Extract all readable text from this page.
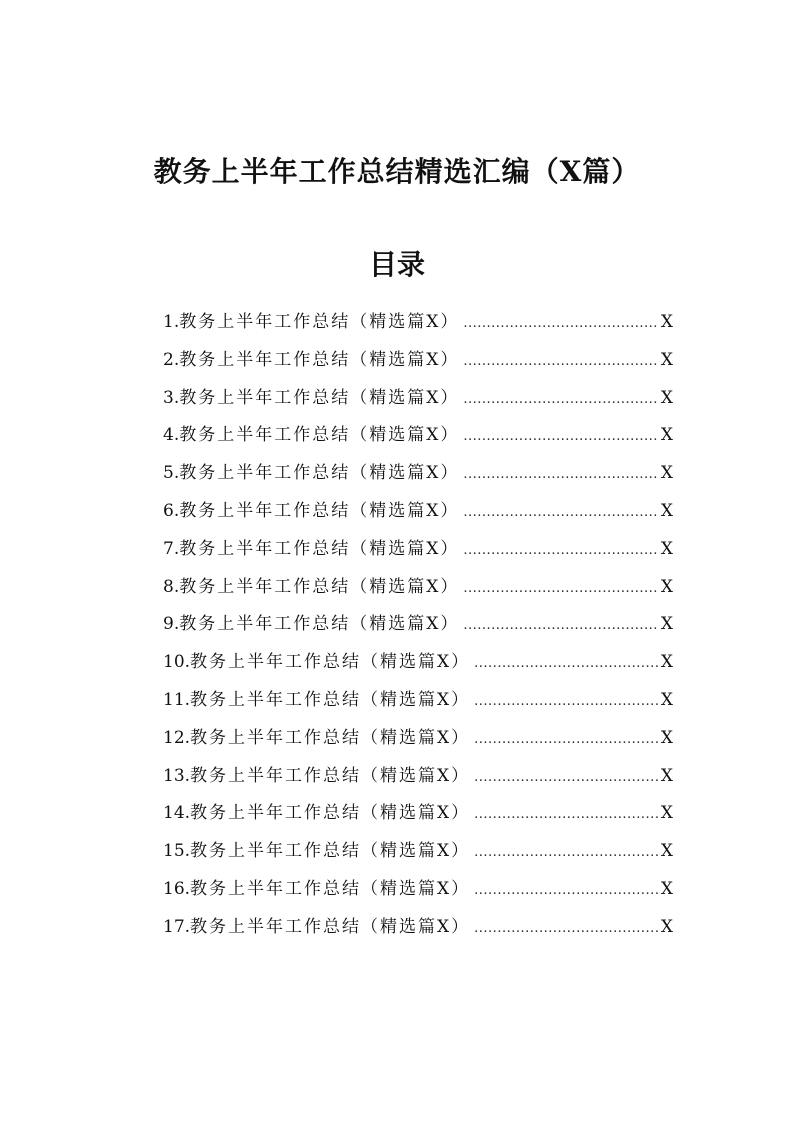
教务上半年工作总结精选汇编（X篇）
目录
1. 教务上半年工作总结（精选篇X） .....	X
2. 教务上半年工作总结（精选篇X） .....	X
3. 教务上半年工作总结（精选篇X） .....	X
4. 教务上半年工作总结（精选篇X） .....	X
5. 教务上半年工作总结（精选篇X） .....	X
6. 教务上半年工作总结（精选篇X） .....	X
7. 教务上半年工作总结（精选篇X） .....	X
8. 教务上半年工作总结（精选篇X） .....	X
9. 教务上半年工作总结（精选篇X） .....	X
10. 教务上半年工作总结（精选篇X） .....	X
11. 教务上半年工作总结（精选篇X） .....	X
12. 教务上半年工作总结（精选篇X） .....	X
13. 教务上半年工作总结（精选篇X） .....	X
14. 教务上半年工作总结（精选篇X） .....	X
15. 教务上半年工作总结（精选篇X） .....	X
16. 教务上半年工作总结（精选篇X） .....	X
17. 教务上半年工作总结（精选篇X） .....	X
